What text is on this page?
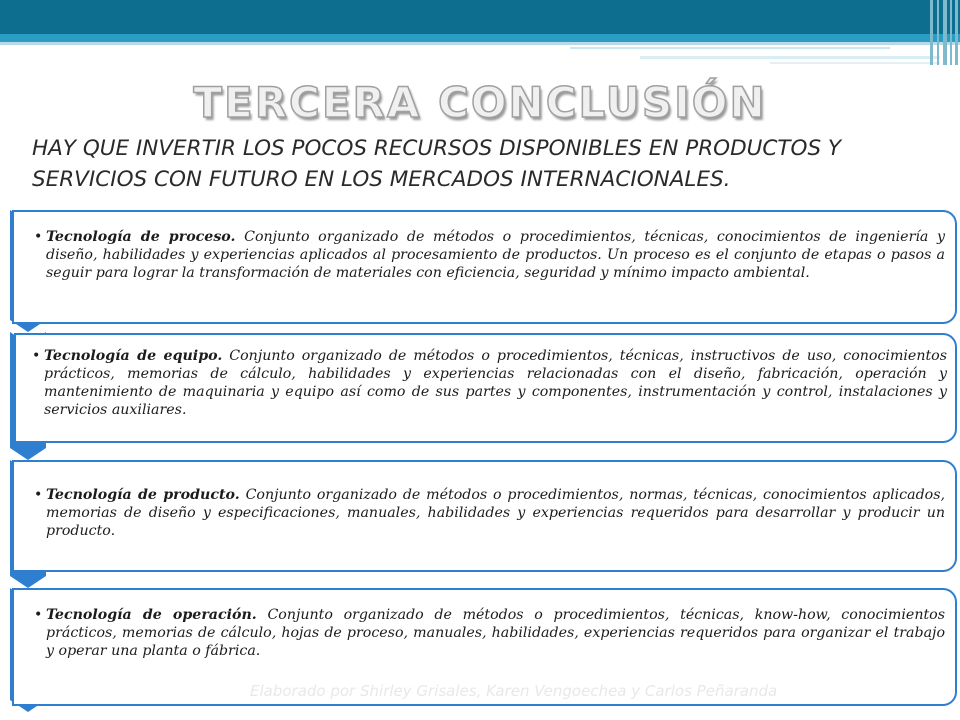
TERCERA CONCLUSIÓN

HAY QUE INVERTIR LOS POCOS RECURSOS DISPONIBLES EN PRODUCTOS Y SERVICIOS CON FUTURO EN LOS MERCADOS INTERNACIONALES.

• Tecnología de proceso. Conjunto organizado de métodos o procedimientos, técnicas, conocimientos de ingeniería y diseño, habilidades y experiencias aplicados al procesamiento de productos. Un proceso es el conjunto de etapas o pasos a seguir para lograr la transformación de materiales con eficiencia, seguridad y mínimo impacto ambiental.
• Tecnología de equipo. Conjunto organizado de métodos o procedimientos, técnicas, instructivos de uso, conocimientos prácticos, memorias de cálculo, habilidades y experiencias relacionadas con el diseño, fabricación, operación y mantenimiento de maquinaria y equipo así como de sus partes y componentes, instrumentación y control, instalaciones y servicios auxiliares.
• Tecnología de producto. Conjunto organizado de métodos o procedimientos, normas, técnicas, conocimientos aplicados, memorias de diseño y especificaciones, manuales, habilidades y experiencias requeridos para desarrollar y producir un producto.
• Tecnología de operación. Conjunto organizado de métodos o procedimientos, técnicas, know-how, conocimientos prácticos, memorias de cálculo, hojas de proceso, manuales, habilidades, experiencias requeridos para organizar el trabajo y operar una planta o fábrica.
Elaborado por Shirley Grisales, Karen Vengoechea y Carlos Peñaranda
